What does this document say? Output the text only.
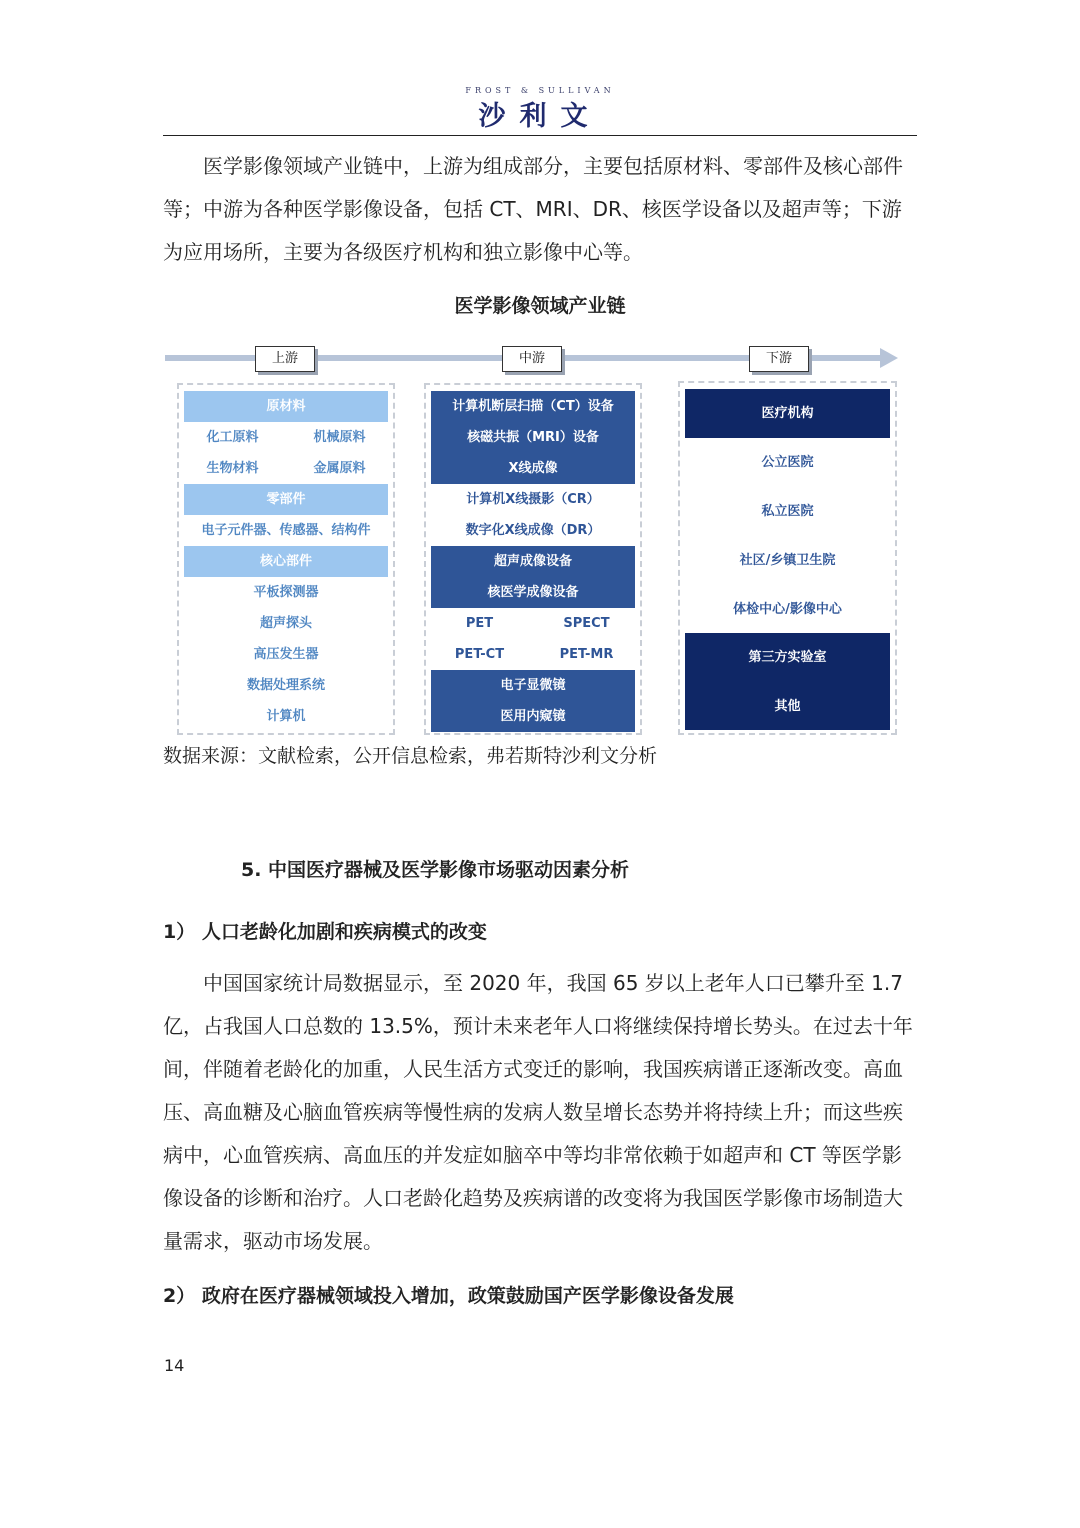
FROST & SULLIVAN
沙利文

医学影像领域产业链中，上游为组成部分，主要包括原材料、零部件及核心部件等；中游为各种医学影像设备，包括 CT、MRI、DR、核医学设备以及超声等；下游为应用场所，主要为各级医疗机构和独立影像中心等。

医学影像领域产业链
上游	中游	下游
原材料
化工原料	机械原料
生物材料	金属原料
零部件
电子元件器、传感器、结构件
核心部件
平板探测器
超声探头
高压发生器
数据处理系统
计算机
计算机断层扫描（CT）设备
核磁共振（MRI）设备
X线成像
计算机X线摄影（CR）
数字化X线成像（DR）
超声成像设备
核医学成像设备
PET	SPECT
PET-CT	PET-MR
电子显微镜
医用内窥镜
医疗机构
公立医院
私立医院
社区/乡镇卫生院
体检中心/影像中心
第三方实验室
其他
数据来源：文献检索，公开信息检索，弗若斯特沙利文分析
5. 中国医疗器械及医学影像市场驱动因素分析
1） 人口老龄化加剧和疾病模式的改变

中国国家统计局数据显示，至 2020 年，我国 65 岁以上老年人口已攀升至 1.7 亿，占我国人口总数的 13.5%，预计未来老年人口将继续保持增长势头。在过去十年间，伴随着老龄化的加重，人民生活方式变迁的影响，我国疾病谱正逐渐改变。高血压、高血糖及心脑血管疾病等慢性病的发病人数呈增长态势并将持续上升；而这些疾病中，心血管疾病、高血压的并发症如脑卒中等均非常依赖于如超声和 CT 等医学影像设备的诊断和治疗。人口老龄化趋势及疾病谱的改变将为我国医学影像市场制造大量需求，驱动市场发展。

2） 政府在医疗器械领域投入增加，政策鼓励国产医学影像设备发展
14
